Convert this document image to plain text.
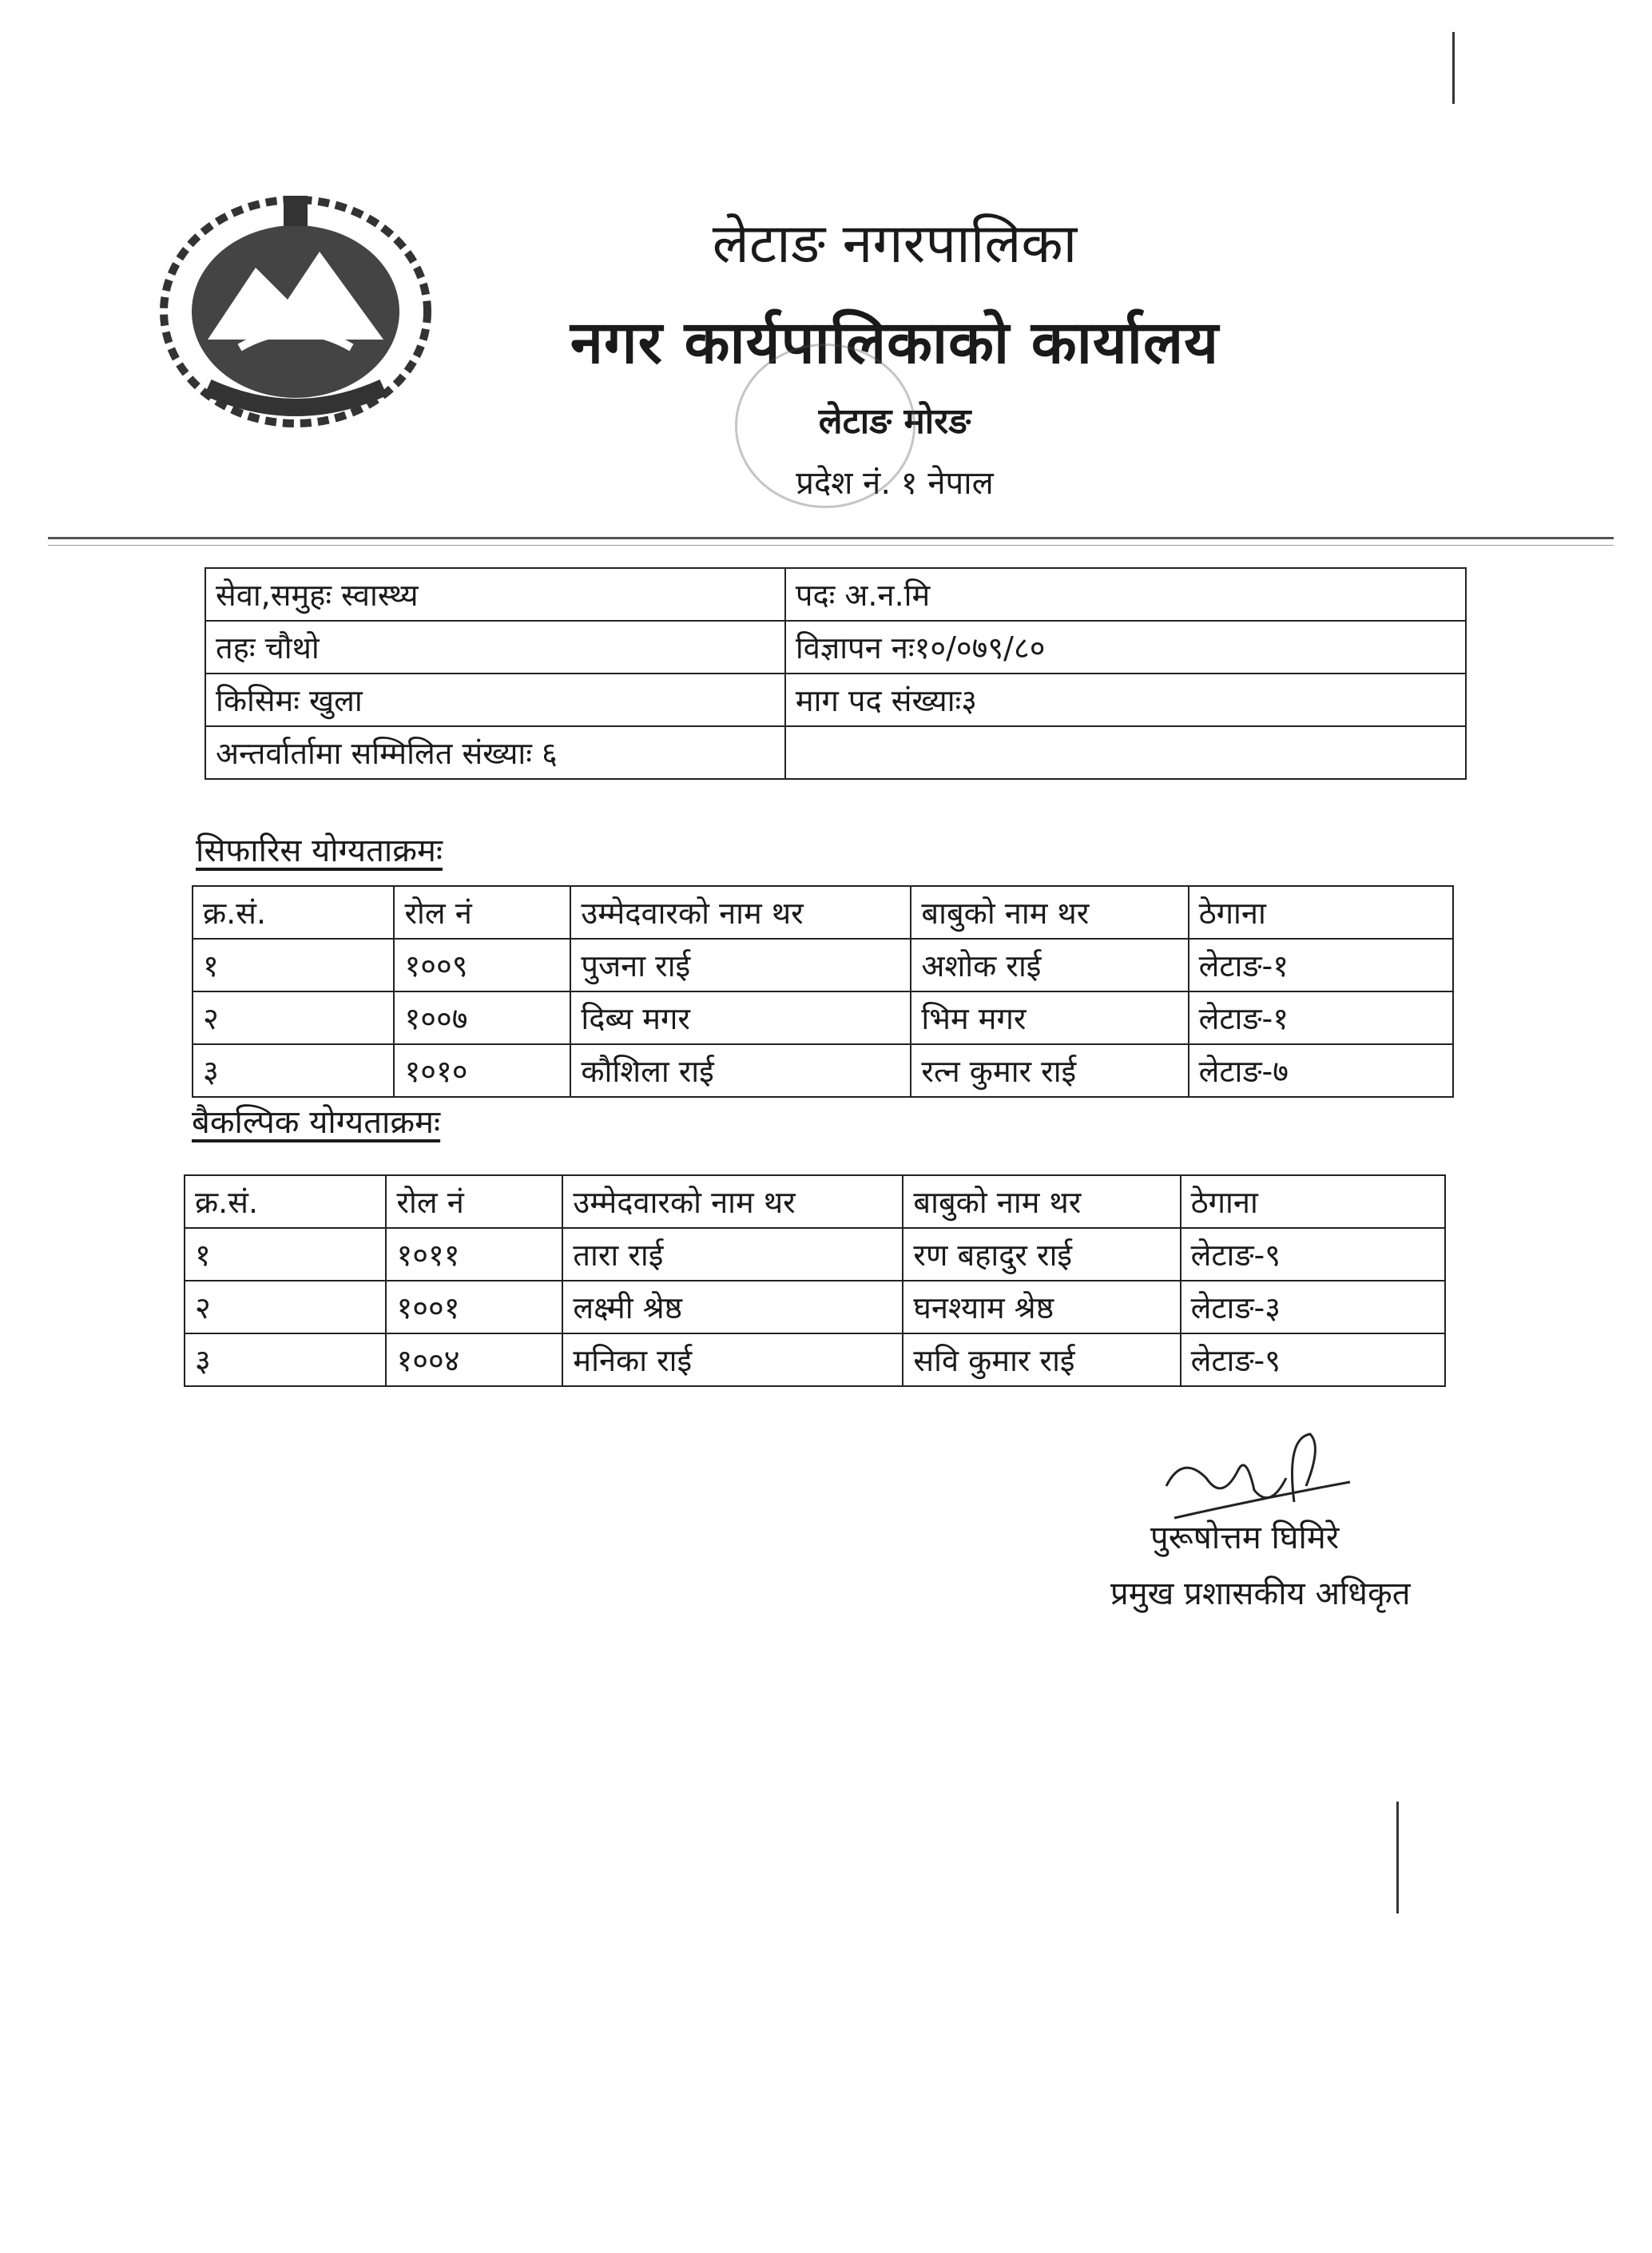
लेटाङ नगरपालिका
नगर कार्यपालिकाको कार्यालय
लेटाङ मोरङ
प्रदेश नं. १ नेपाल
सेवा,समुहः स्वास्थ्य	पदः अ.न.मि
तहः चौथो	विज्ञापन नः१०/०७९/८०
किसिमः खुला	माग पद संख्याः३
अन्तर्वार्तामा सम्मिलित संख्याः ६	
सिफारिस योग्यताक्रमः
क्र.सं.	रोल नं	उम्मेदवारको नाम थर	बाबुको नाम थर	ठेगाना
१	१००९	पुजना राई	अशोक राई	लेटाङ-१
२	१००७	दिब्य मगर	भिम मगर	लेटाङ-१
३	१०१०	कौशिला राई	रत्न कुमार राई	लेटाङ-७
बैकल्पिक योग्यताक्रमः
क्र.सं.	रोल नं	उम्मेदवारको नाम थर	बाबुको नाम थर	ठेगाना
१	१०११	तारा राई	रण बहादुर राई	लेटाङ-९
२	१००१	लक्ष्मी श्रेष्ठ	घनश्याम श्रेष्ठ	लेटाङ-३
३	१००४	मनिका राई	सवि कुमार राई	लेटाङ-९
पुरूषोत्तम घिमिरे
प्रमुख प्रशासकीय अधिकृत
